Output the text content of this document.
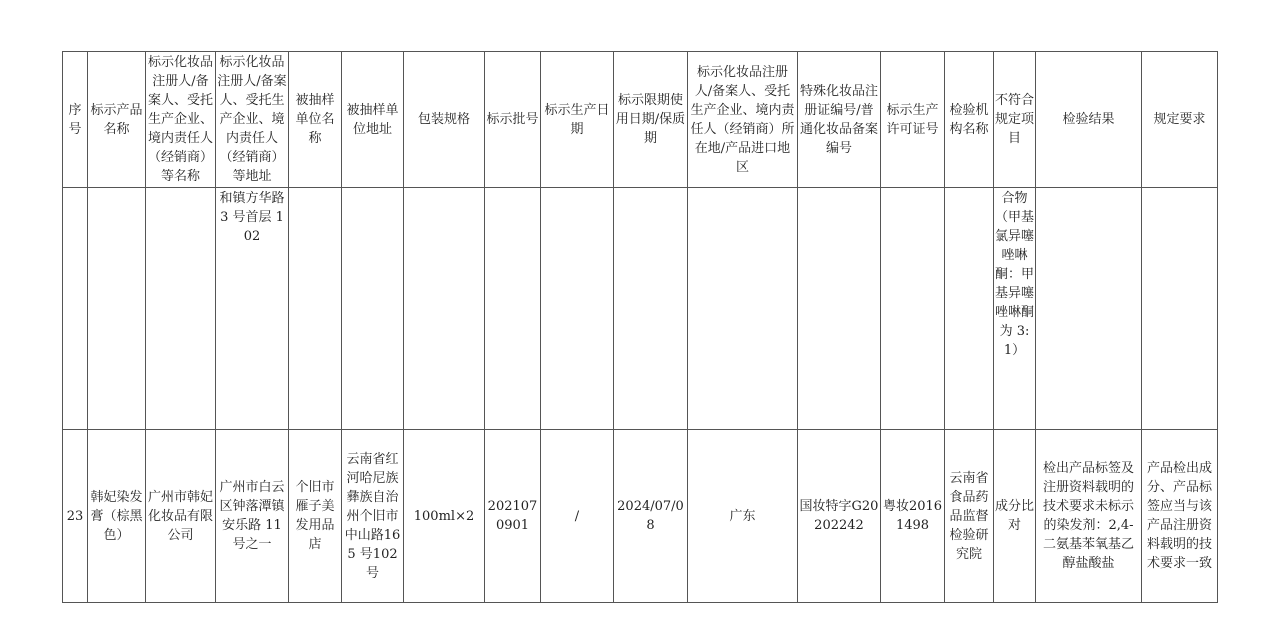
序号	标示产品名称	标示化妆品注册人/备案人、受托生产企业、境内责任人（经销商）等名称	标示化妆品注册人/备案人、受托生产企业、境内责任人（经销商）等地址	被抽样单位名称	被抽样单位地址	包装规格	标示批号	标示生产日期	标示限期使用日期/保质期	标示化妆品注册人/备案人、受托生产企业、境内责任人（经销商）所在地/产品进口地区	特殊化妆品注册证编号/普通化妆品备案编号	标示生产许可证号	检验机构名称	不符合规定项目	检验结果	规定要求
			和镇方华路 3 号首层 102											合物（甲基氯异噻唑啉酮：甲基异噻唑啉酮为 3:1）		
23	韩妃染发膏（棕黑色）	广州市韩妃化妆品有限公司	广州市白云区钟落潭镇安乐路 11 号之一	个旧市雁子美发用品店	云南省红河哈尼族彝族自治州个旧市中山路165 号102 号	100ml×2	2021070901	/	2024/07/08	广东	国妆特字G20202242	粤妆20161498	云南省食品药品监督检验研究院	成分比对	检出产品标签及注册资料载明的技术要求未标示的染发剂：2,4-二氨基苯氧基乙醇盐酸盐	产品检出成分、产品标签应当与该产品注册资料载明的技术要求一致
